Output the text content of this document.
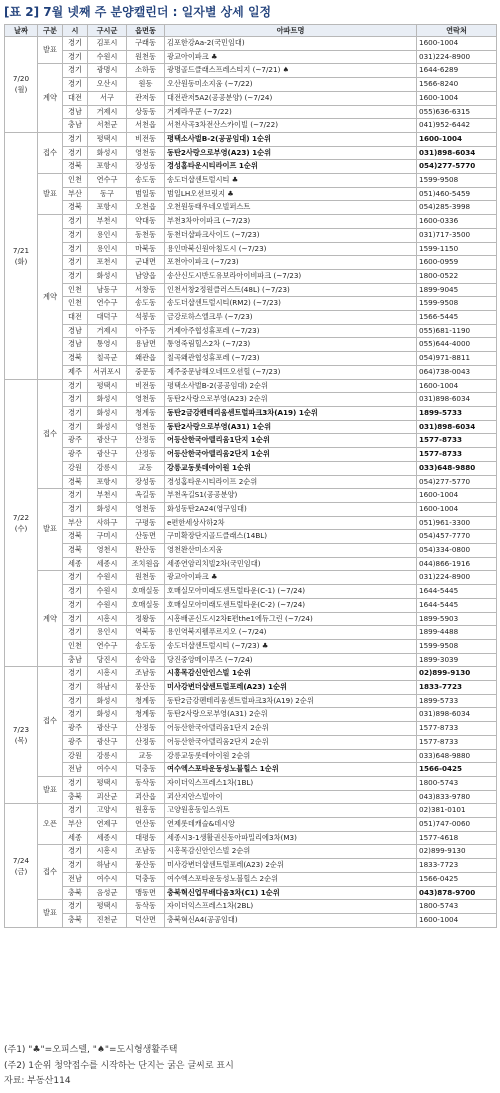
[표 2] 7월 넷째 주 분양캘린더 : 일자별 상세 일정
날짜	구분	시	구시군	읍면동	아파트명	연락처
7/20
(월)	발표	경기	김포시	구래동	김포한강Aa-2(국민임대)	1600-1004
		경기	수원시	원천동	광교아이파크 ♣	031)224-8900
	계약	경기	광명시	소하동	광명골드클래스프레스티지 (~7/21) ♠	1644-6289
		경기	오산시	원동	오산원동미소지움 (~7/22)	1566-8240
		대전	서구	관저동	대전관저5A2(공공분양) (~7/24)	1600-1004
		경남	거제시	상동동	거제라우쿤 (~7/22)	055)636-6315
		충남	서천군	서천읍	서천사곡3차전산스카이빌 (~7/22)	041)952-6442
7/21
(화)	접수	경기	평택시	비전동	평택소사벌B-2(공공임대) 1순위	1600-1004
		경기	화성시	영천동	동탄2사랑으로부영(A23) 1순위	031)898-6034
		경북	포항시	장성동	경성홈타운시티라이프 1순위	054)277-5770
	발표	인천	연수구	송도동	송도더샵센트럴시티 ♣	1599-9508
		부산	동구	범일동	범일LH오션브릿지 ♣	051)460-5459
		경북	포항시	오천읍	오천원동태우네오빌퍼스트	054)285-3998
	계약	경기	부천시	약대동	부천3차아이파크 (~7/23)	1600-0336
		경기	용인시	동천동	동천더샵파크사이드 (~7/23)	031)717-3500
		경기	용인시	마북동	용인마북신원아침도시 (~7/23)	1599-1150
		경기	포천시	군내면	포천아이파크 (~7/23)	1600-0959
		경기	화성시	남양읍	송산신도시반도유보라아이비파크 (~7/23)	1800-0522
		인천	남동구	서창동	인천서창2정원클러스트(48L) (~7/23)	1899-9045
		인천	연수구	송도동	송도더샵센트럴시티(RM2) (~7/23)	1599-9508
		대전	대덕구	석봉동	금강로하스엘크루 (~7/23)	1566-5445
		경남	거제시	아주동	거제아주협성휴포레 (~7/23)	055)681-1190
		경남	통영시	용남면	통영죽림힐스2차 (~7/23)	055)644-4000
		경북	칠곡군	왜관읍	칠곡왜관협성휴포레 (~7/23)	054)971-8811
		제주	서귀포시	중문동	제주중문남해오네뜨오션힐 (~7/23)	064)738-0043
7/22
(수)	접수	경기	평택시	비전동	평택소사벌B-2(공공임대) 2순위	1600-1004
		경기	화성시	영천동	동탄2사랑으로부영(A23) 2순위	031)898-6034
		경기	화성시	청계동	동탄2금강펜테리움센트럴파크3차(A19) 1순위	1899-5733
		경기	화성시	영천동	동탄2사랑으로부영(A31) 1순위	031)898-6034
		광주	광산구	산정동	어등산한국아델리움1단지 1순위	1577-8733
		광주	광산구	산정동	어등산한국아델리움2단지 1순위	1577-8733
		강원	강릉시	교동	강릉교동롯데아이원 1순위	033)648-9880
		경북	포항시	장성동	경성홈타운시티라이프 2순위	054)277-5770
	발표	경기	부천시	옥길동	부천옥길S1(공공분양)	1600-1004
		경기	화성시	영천동	화성동탄2A24(영구임대)	1600-1004
		부산	사하구	구평동	e편한세상사하2차	051)961-3300
		경북	구미시	산동면	구미확장단지골드클래스(14BL)	054)457-7770
		경북	영천시	완산동	영천완산미소지움	054)334-0800
		세종	세종시	조치원읍	세종연암리치빌2차(국민임대)	044)866-1916
	계약	경기	수원시	원천동	광교아이파크 ♣	031)224-8900
		경기	수원시	호매실동	호매실모아미래도센트럴타운(C-1) (~7/24)	1644-5445
		경기	수원시	호매실동	호매실모아미래도센트럴타운(C-2) (~7/24)	1644-5445
		경기	시흥시	정왕동	시흥배곧신도시2차E편the1에듀그린 (~7/24)	1899-5903
		경기	용인시	역북동	용인역북지웰푸르지오 (~7/24)	1899-4488
		인천	연수구	송도동	송도더샵센트럴시티 (~7/23) ♣	1599-9508
		충남	당진시	송악읍	당진중앙메이루즈 (~7/24)	1899-3039
7/23
(목)	접수	경기	시흥시	조남동	시흥목감신안인스빌 1순위	02)899-9130
		경기	하남시	풍산동	미사강변더샵센트럴포레(A23) 1순위	1833-7723
		경기	화성시	청계동	동탄2금강펜테리움센트럴파크3차(A19) 2순위	1899-5733
		경기	화성시	청계동	동탄2사랑으로부영(A31) 2순위	031)898-6034
		광주	광산구	산정동	어등산한국아델리움1단지 2순위	1577-8733
		광주	광산구	산정동	어등산한국아델리움2단지 2순위	1577-8733
		강원	강릉시	교동	강릉교동롯데아이원 2순위	033)648-9880
		전남	여수시	덕충동	여수엑스포타운동성노블힐스 1순위	1566-0425
	발표	경기	평택시	동삭동	자이더익스프레스1차(1BL)	1800-5743
		충북	괴산군	괴산읍	괴산지안스빌아이	043)833-9780
7/24
(금)	오픈	경기	고양시	원흥동	고양원흥동일스위트	02)381-0101
		부산	연제구	연산동	연제롯데캐슬&데시앙	051)747-0060
		세종	세종시	대평동	세종시3-1생활권신동아파밀리에3차(M3)	1577-4618
	접수	경기	시흥시	조남동	시흥목감신안인스빌 2순위	02)899-9130
		경기	하남시	풍산동	미사강변더샵센트럴포레(A23) 2순위	1833-7723
		전남	여수시	덕충동	여수엑스포타운동성노블힐스 2순위	1566-0425
		충북	음성군	맹동면	충북혁신업무배다움3차(C1) 1순위	043)878-9700
	발표	경기	평택시	동삭동	자이더익스프레스1차(2BL)	1800-5743
		충북	진천군	덕산면	충북혁신A4(공공임대)	1600-1004
(주1) "♣"=오피스텔, "♠"=도시형생활주택
(주2) 1순위 청약접수를 시작하는 단지는 굵은 글씨로 표시
자료: 부동산114
